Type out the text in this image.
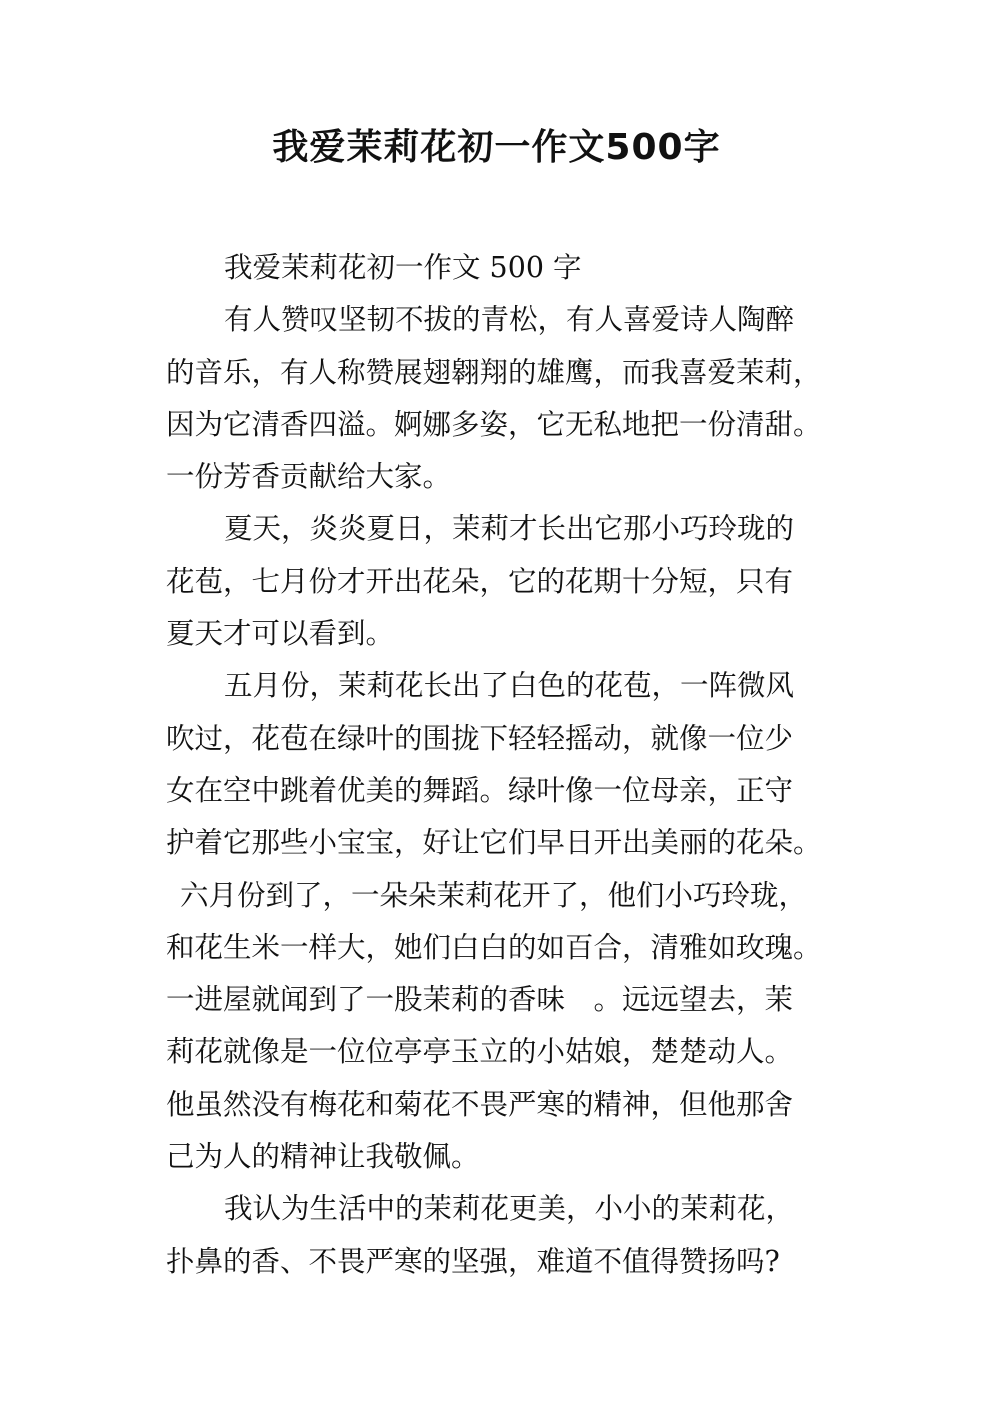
我爱茉莉花初一作文500字
我爱茉莉花初一作文 500 字
有人赞叹坚韧不拔的青松，有人喜爱诗人陶醉
的音乐，有人称赞展翅翱翔的雄鹰，而我喜爱茉莉，
因为它清香四溢。婀娜多姿，它无私地把一份清甜。
一份芳香贡献给大家。
夏天，炎炎夏日，茉莉才长出它那小巧玲珑的
花苞，七月份才开出花朵，它的花期十分短，只有
夏天才可以看到。
五月份，茉莉花长出了白色的花苞，一阵微风
吹过，花苞在绿叶的围拢下轻轻摇动，就像一位少
女在空中跳着优美的舞蹈。绿叶像一位母亲，正守
护着它那些小宝宝，好让它们早日开出美丽的花朵。
六月份到了，一朵朵茉莉花开了，他们小巧玲珑，
和花生米一样大，她们白白的如百合，清雅如玫瑰。
一进屋就闻到了一股茉莉的香味　。远远望去，茉
莉花就像是一位位亭亭玉立的小姑娘，楚楚动人。
他虽然没有梅花和菊花不畏严寒的精神，但他那舍
己为人的精神让我敬佩。
我认为生活中的茉莉花更美，小小的茉莉花，
扑鼻的香、不畏严寒的坚强，难道不值得赞扬吗?
